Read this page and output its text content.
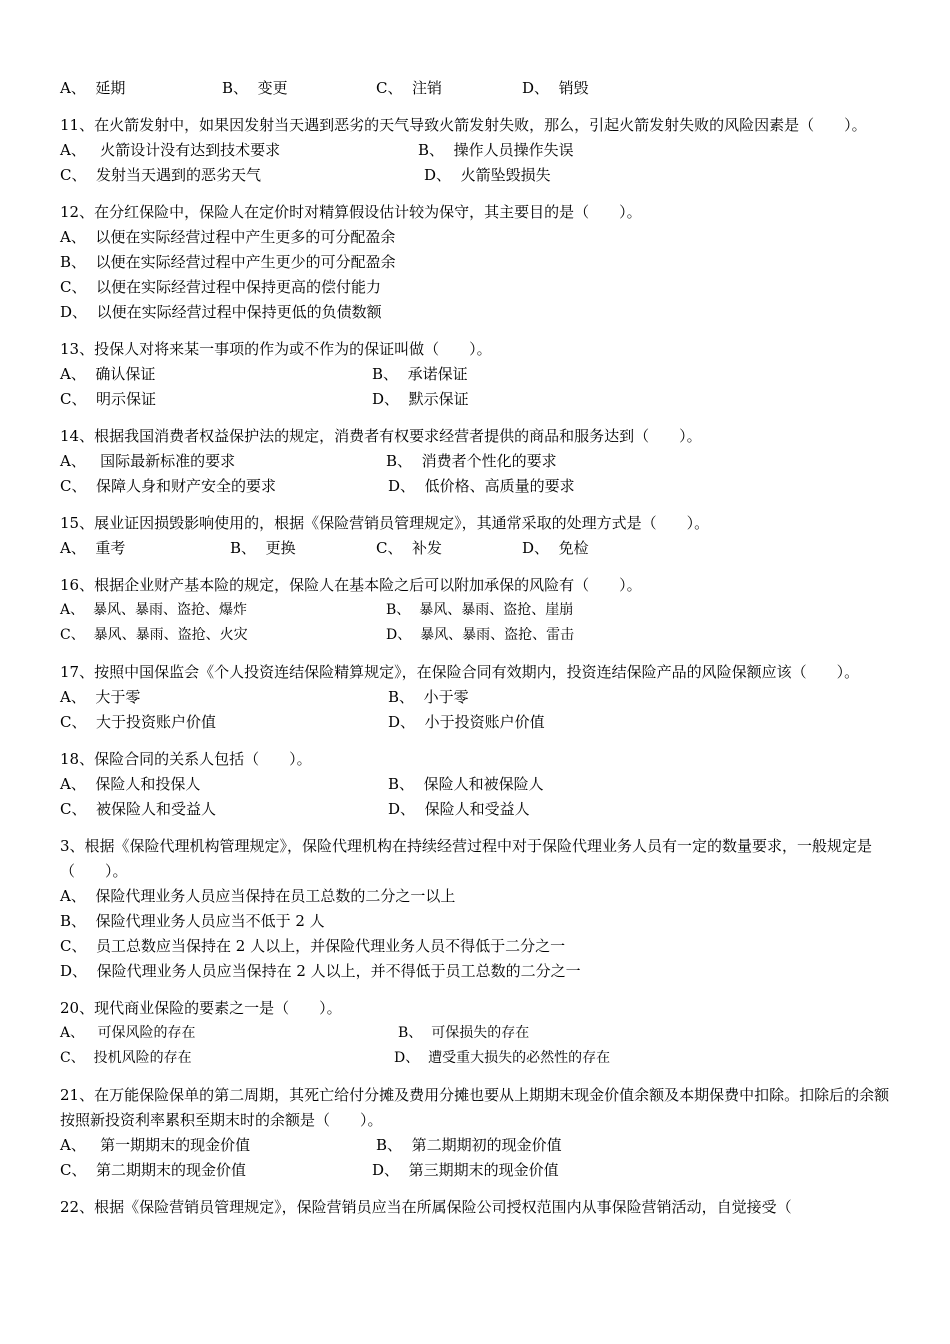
A、 延期	B、 变更	C、 注销	D、 销毁
11、在火箭发射中，如果因发射当天遇到恶劣的天气导致火箭发射失败，那么，引起火箭发射失败的风险因素是（　　）。
A、 火箭设计没有达到技术要求	B、 操作人员操作失误
C、 发射当天遇到的恶劣天气	D、 火箭坠毁损失
12、在分红保险中，保险人在定价时对精算假设估计较为保守，其主要目的是（　　）。
A、 以便在实际经营过程中产生更多的可分配盈余
B、 以便在实际经营过程中产生更少的可分配盈余
C、 以便在实际经营过程中保持更高的偿付能力
D、 以便在实际经营过程中保持更低的负债数额
13、投保人对将来某一事项的作为或不作为的保证叫做（　　）。
A、 确认保证	B、 承诺保证
C、 明示保证	D、 默示保证
14、根据我国消费者权益保护法的规定，消费者有权要求经营者提供的商品和服务达到（　　）。
A、 国际最新标准的要求	B、 消费者个性化的要求
C、 保障人身和财产安全的要求	D、 低价格、高质量的要求
15、展业证因损毁影响使用的，根据《保险营销员管理规定》，其通常采取的处理方式是（　　）。
A、 重考	B、 更换	C、 补发	D、 免检
16、根据企业财产基本险的规定，保险人在基本险之后可以附加承保的风险有（　　）。
A、 暴风、暴雨、盗抢、爆炸	B、 暴风、暴雨、盗抢、崖崩
C、 暴风、暴雨、盗抢、火灾	D、 暴风、暴雨、盗抢、雷击
17、按照中国保监会《个人投资连结保险精算规定》，在保险合同有效期内，投资连结保险产品的风险保额应该（　　）。
A、 大于零	B、 小于零
C、 大于投资账户价值	D、 小于投资账户价值
18、保险合同的关系人包括（　　）。
A、 保险人和投保人	B、 保险人和被保险人
C、 被保险人和受益人	D、 保险人和受益人
3、根据《保险代理机构管理规定》，保险代理机构在持续经营过程中对于保险代理业务人员有一定的数量要求，一般规定是（　　）。
A、 保险代理业务人员应当保持在员工总数的二分之一以上
B、 保险代理业务人员应当不低于 2 人
C、 员工总数应当保持在 2 人以上，并保险代理业务人员不得低于二分之一
D、 保险代理业务人员应当保持在 2 人以上，并不得低于员工总数的二分之一
20、现代商业保险的要素之一是（　　）。
A、 可保风险的存在	B、 可保损失的存在
C、 投机风险的存在	D、 遭受重大损失的必然性的存在
21、在万能保险保单的第二周期，其死亡给付分摊及费用分摊也要从上期期末现金价值余额及本期保费中扣除。扣除后的余额按照新投资利率累积至期末时的余额是（　　）。
A、 第一期期末的现金价值	B、 第二期期初的现金价值
C、 第二期期末的现金价值	D、 第三期期末的现金价值
22、根据《保险营销员管理规定》，保险营销员应当在所属保险公司授权范围内从事保险营销活动，自觉接受（
